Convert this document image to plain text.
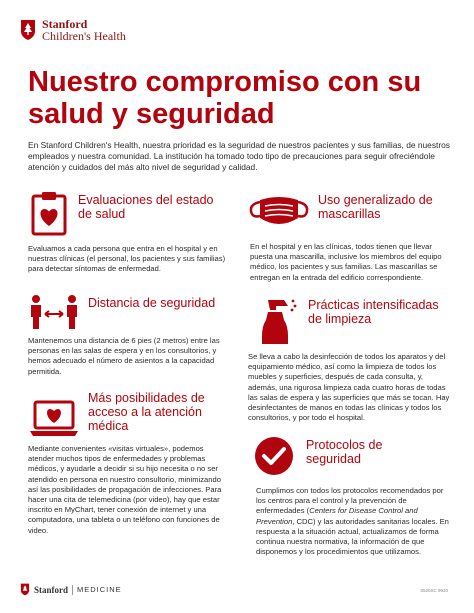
Stanford
Children's Health
Nuestro compromiso con su salud y seguridad

En Stanford Children's Health, nuestra prioridad es la seguridad de nuestros pacientes y sus familias, de nuestros empleados y nuestra comunidad. La institución ha tomado todo tipo de precauciones para seguir ofreciéndole atención y cuidados del más alto nivel de seguridad y calidad.

Evaluaciones del estado de salud

Evaluamos a cada persona que entra en el hospital y en nuestras clínicas (el personal, los pacientes y sus familias) para detectar síntomas de enfermedad.

Uso generalizado de mascarillas

En el hospital y en las clínicas, todos tienen que llevar puesta una mascarilla, inclusive los miembros del equipo médico, los pacientes y sus familias. Las mascarillas se entregan en la entrada del edificio correspondiente.

Distancia de seguridad

Mantenemos una distancia de 6 pies (2 metros) entre las personas en las salas de espera y en los consultorios, y hemos adecuado el número de asientos a la capacidad permitida.

Prácticas intensificadas de limpieza

Se lleva a cabo la desinfección de todos los aparatos y del equipamiento médico, así como la limpieza de todos los muebles y superficies, después de cada consulta, y, además, una rigurosa limpieza cada cuatro horas de todas las salas de espera y las superficies que más se tocan. Hay desinfectantes de manos en todas las clínicas y todos los consultorios, y por todo el hospital.

Más posibilidades de acceso a la atención médica

Mediante convenientes «visitas virtuales», podemos atender muchos tipos de enfermedades y problemas médicos, y ayudarle a decidir si su hijo necesita o no ser atendido en persona en nuestro consultorio, minimizando así las posibilidades de propagación de infecciones. Para hacer una cita de telemedicina (por video), hay que estar inscrito en MyChart, tener conexión de internet y una computadora, una tableta o un teléfono con funciones de video.

Protocolos de seguridad

Cumplimos con todos los protocolos recomendados por los centros para el control y la prevención de enfermedades (Centers for Disease Control and Prevention, CDC) y las autoridades sanitarias locales. En respuesta a la situación actual, actualizamos de forma continua nuestra normativa, la información de que disponemos y los procedimientos que utilizamos.

Stanford MEDICINE	0520SC 9920
